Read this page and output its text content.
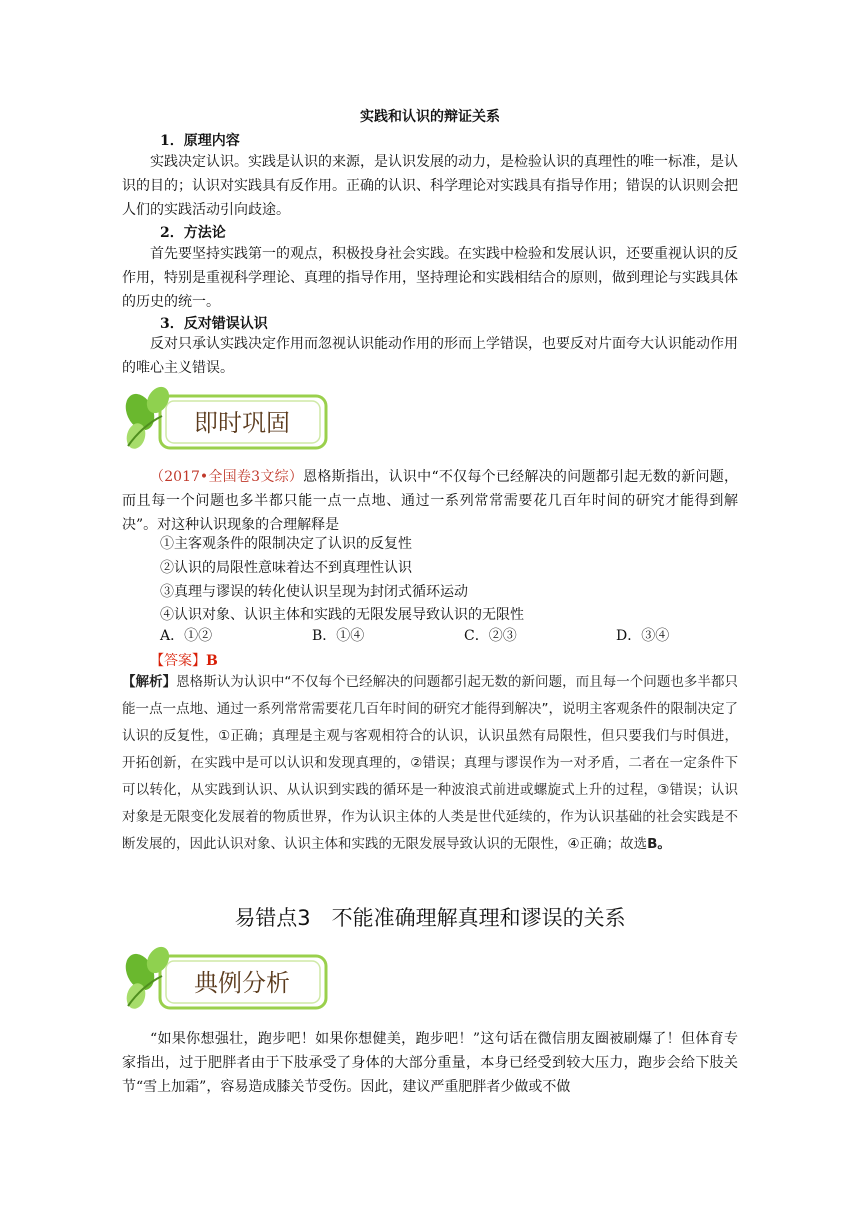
实践和认识的辩证关系
1．原理内容
实践决定认识。实践是认识的来源，是认识发展的动力，是检验认识的真理性的唯一标准，是认识的目的；认识对实践具有反作用。正确的认识、科学理论对实践具有指导作用；错误的认识则会把人们的实践活动引向歧途。
2．方法论
首先要坚持实践第一的观点，积极投身社会实践。在实践中检验和发展认识，还要重视认识的反作用，特别是重视科学理论、真理的指导作用，坚持理论和实践相结合的原则，做到理论与实践具体的历史的统一。
3．反对错误认识
反对只承认实践决定作用而忽视认识能动作用的形而上学错误，也要反对片面夸大认识能动作用的唯心主义错误。
即时巩固
（2017•全国卷3文综）恩格斯指出，认识中“不仅每个已经解决的问题都引起无数的新问题，而且每一个问题也多半都只能一点一点地、通过一系列常常需要花几百年时间的研究才能得到解决”。对这种认识现象的合理解释是
①主客观条件的限制决定了认识的反复性
②认识的局限性意味着达不到真理性认识
③真理与谬误的转化使认识呈现为封闭式循环运动
④认识对象、认识主体和实践的无限发展导致认识的无限性
A．①②	B．①④	C．②③	D．③④
【答案】B
【解析】恩格斯认为认识中“不仅每个已经解决的问题都引起无数的新问题，而且每一个问题也多半都只能一点一点地、通过一系列常常需要花几百年时间的研究才能得到解决”，说明主客观条件的限制决定了认识的反复性，①正确；真理是主观与客观相符合的认识，认识虽然有局限性，但只要我们与时俱进，开拓创新，在实践中是可以认识和发现真理的，②错误；真理与谬误作为一对矛盾，二者在一定条件下可以转化，从实践到认识、从认识到实践的循环是一种波浪式前进或螺旋式上升的过程，③错误；认识对象是无限变化发展着的物质世界，作为认识主体的人类是世代延续的，作为认识基础的社会实践是不断发展的，因此认识对象、认识主体和实践的无限发展导致认识的无限性，④正确；故选B。
易错点3　不能准确理解真理和谬误的关系
典例分析
“如果你想强壮，跑步吧！如果你想健美，跑步吧！”这句话在微信朋友圈被刷爆了！但体育专家指出，过于肥胖者由于下肢承受了身体的大部分重量，本身已经受到较大压力，跑步会给下肢关节“雪上加霜”，容易造成膝关节受伤。因此，建议严重肥胖者少做或不做
